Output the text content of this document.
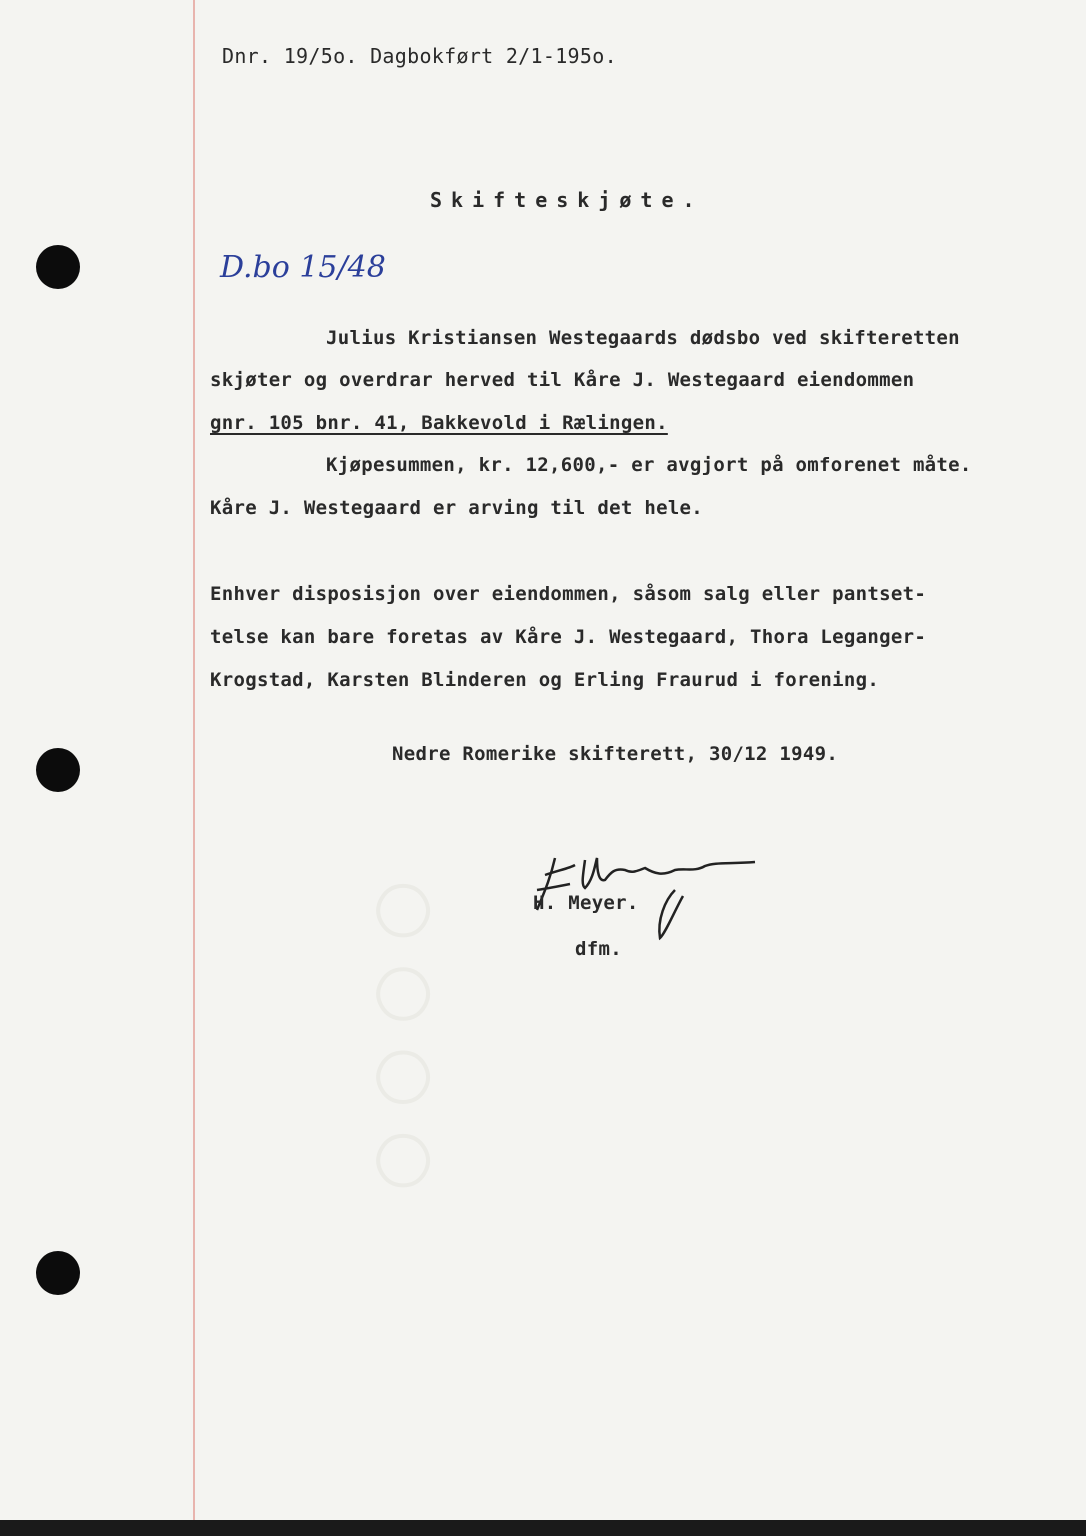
○ ○ ○ ○
Dnr. 19/5o. Dagbokført 2/1-195o.
Skifteskjøte.
D.bo 15/48
Julius Kristiansen Westegaards dødsbo ved skifteretten
skjøter og overdrar herved til Kåre J. Westegaard eiendommen
gnr. 105 bnr. 41, Bakkevold i Rælingen.
Kjøpesummen, kr. 12,600,- er avgjort på omforenet måte.
Kåre J. Westegaard er arving til det hele.
Enhver disposisjon over eiendommen, såsom salg eller pantset-
telse kan bare foretas av Kåre J. Westegaard, Thora Leganger-
Krogstad, Karsten Blinderen og Erling Fraurud i forening.
Nedre Romerike skifterett, 30/12 1949.
H. Meyer.
dfm.
